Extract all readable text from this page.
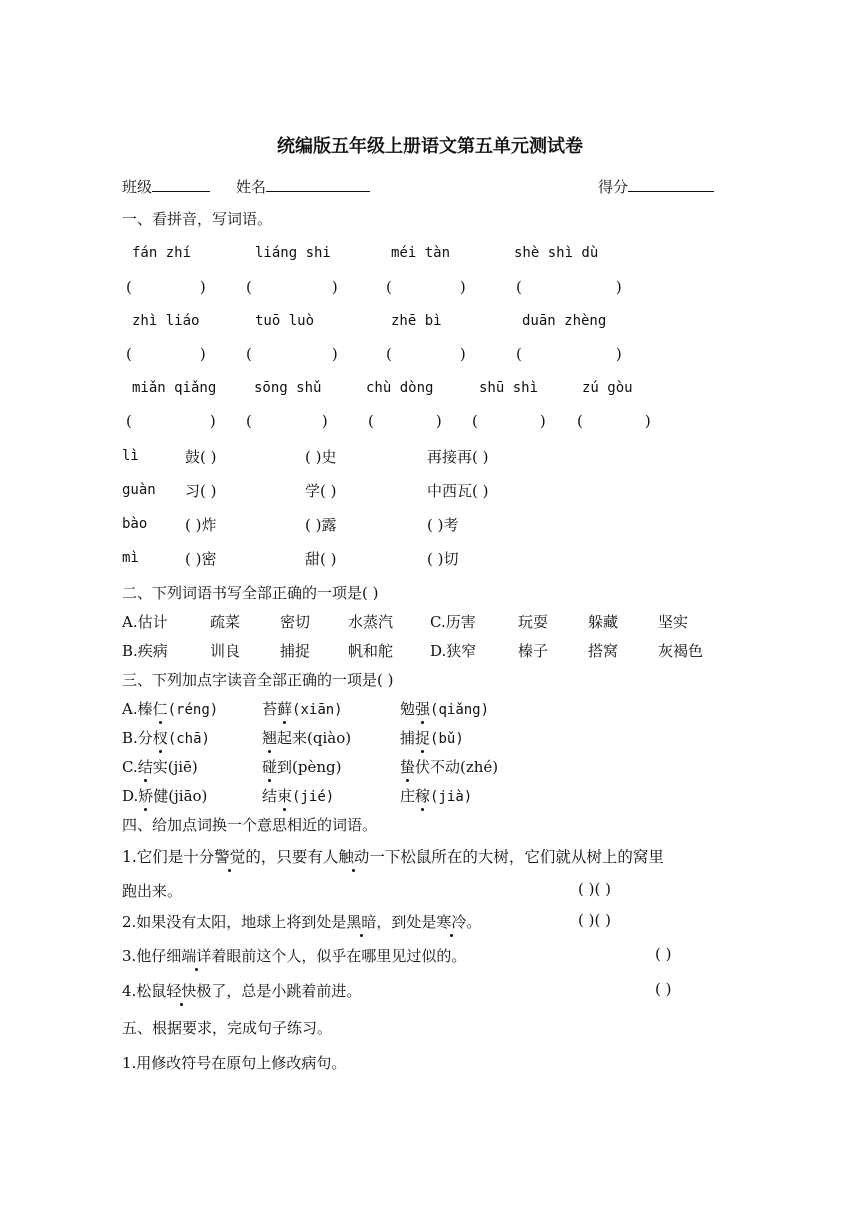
统编版五年级上册语文第五单元测试卷
班级	姓名	得分
一、看拼音，写词语。
fán zhí	liáng shi	méi tàn	shè shì dù
(	)	(	)	(	)	(	)
zhì liáo	tuō luò	zhē bì	duān zhèng
(	)	(	)	(	)	(	)
miǎn qiǎng	sōng shǔ	chù dòng	shū shì	zú gòu
(	) (	)	(	) (	) (	)
lì	鼓( )	( )史	再接再( )
guàn 习( )	学( )	中西瓦( )
bào	( )炸	( )露	( )考
mì	( )密	甜( )	( )切
二、下列词语书写全部正确的一项是( )
A.估计	疏菜	密切	水蒸汽 C.历害	玩耍	躲藏	坚实
B.疾病	训良	捕捉	帆和舵 D.狭窄	榛子	搭窝	灰褐色
三、下列加点字读音全部正确的一项是( )
A.榛仁(réng)	苔藓(xiān)	勉强(qiǎng)
B.分杈(chā)	翘起来(qiào)	捕捉(bǔ)
C.结实(jiē)	碰到(pèng)	蛰伏不动(zhé)
D.矫健(jiāo)	结束(jié)	庄稼(jià)
四、给加点词换一个意思相近的词语。
1.它们是十分警觉的，只要有人触动一下松鼠所在的大树，它们就从树上的窝里
跑出来。	( )( )
2.如果没有太阳，地球上将到处是黑暗，到处是寒冷。	( )( )
3.他仔细端详着眼前这个人，似乎在哪里见过似的。	( )
4.松鼠轻快极了，总是小跳着前进。	( )
五、根据要求，完成句子练习。
1.用修改符号在原句上修改病句。
